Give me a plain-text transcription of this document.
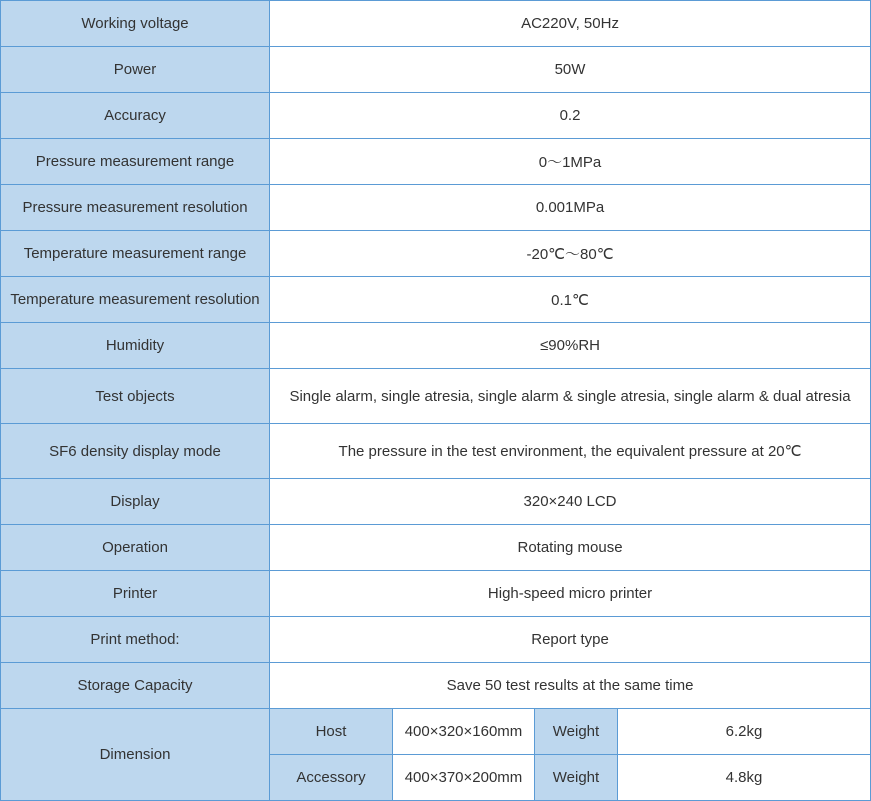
Working voltage	AC220V, 50Hz			
Power	50W			
Accuracy	0.2			
Pressure measurement range	0～1MPa			
Pressure measurement resolution	0.001MPa			
Temperature measurement range	-20℃～80℃			
Temperature measurement resolution	0.1℃			
Humidity	≤90%RH			
Test objects	Single alarm, single atresia, single alarm & single atresia, single alarm & dual atresia			
SF6 density display mode	The pressure in the test environment, the equivalent pressure at 20℃			
Display	320×240 LCD			
Operation	Rotating mouse			
Printer	High-speed micro printer			
Print method:	Report type			
Storage Capacity	Save 50 test results at the same time			
Dimension	Host	400×320×160mm	Weight	6.2kg
	Accessory	400×370×200mm	Weight	4.8kg
